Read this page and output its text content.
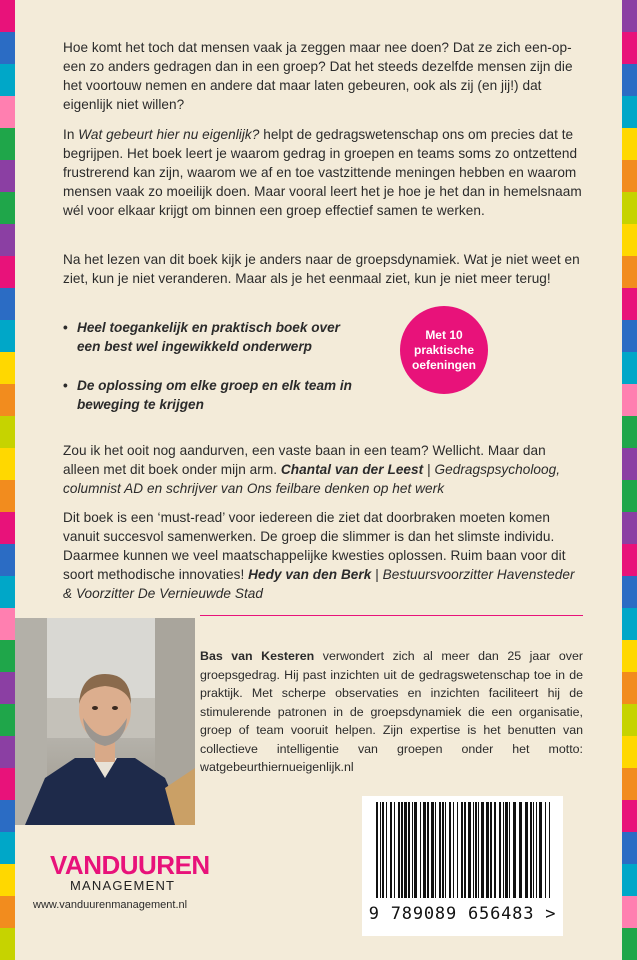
Hoe komt het toch dat mensen vaak ja zeggen maar nee doen? Dat ze zich een-op-een zo anders gedragen dan in een groep? Dat het steeds dezelfde mensen zijn die het voortouw nemen en andere dat maar laten gebeuren, ook als zij (en jij!) dat eigenlijk niet willen?

In Wat gebeurt hier nu eigenlijk? helpt de gedragswetenschap ons om precies dat te begrijpen. Het boek leert je waarom gedrag in groepen en teams soms zo ontzettend frustrerend kan zijn, waarom we af en toe vastzittende meningen hebben en waarom mensen vaak zo moeilijk doen. Maar vooral leert het je hoe je het dan in hemelsnaam wél voor elkaar krijgt om binnen een groep effectief samen te werken.

Na het lezen van dit boek kijk je anders naar de groepsdynamiek. Wat je niet weet en ziet, kun je niet veranderen. Maar als je het eenmaal ziet, kun je niet meer terug!

• Heel toegankelijk en praktisch boek over een best wel ingewikkeld onderwerp
• De oplossing om elke groep en elk team in beweging te krijgen
Met 10
praktische
oefeningen

Zou ik het ooit nog aandurven, een vaste baan in een team? Wellicht. Maar dan alleen met dit boek onder mijn arm. Chantal van der Leest | Gedragspsycholoog, columnist AD en schrijver van Ons feilbare denken op het werk

Dit boek is een ‘must-read’ voor iedereen die ziet dat doorbraken moeten komen vanuit succesvol samenwerken. De groep die slimmer is dan het slimste individu. Daarmee kunnen we veel maatschappelijke kwesties oplossen. Ruim baan voor dit soort methodische innovaties! Hedy van den Berk | Bestuursvoorzitter Havensteder & Voorzitter De Vernieuwde Stad

Bas van Kesteren verwondert zich al meer dan 25 jaar over groepsgedrag. Hij past inzichten uit de gedragswetenschap toe in de praktijk. Met scherpe observaties en inzichten faciliteert hij de stimulerende patronen in de groepsdynamiek die een organisatie, groep of team vooruit helpen. Zijn expertise is het benutten van collectieve intelligentie van groepen onder het motto: watgebeurthiernueigenlijk.nl

9 789089 656483 >
VANDUUREN
MANAGEMENT
www.vanduurenmanagement.nl
